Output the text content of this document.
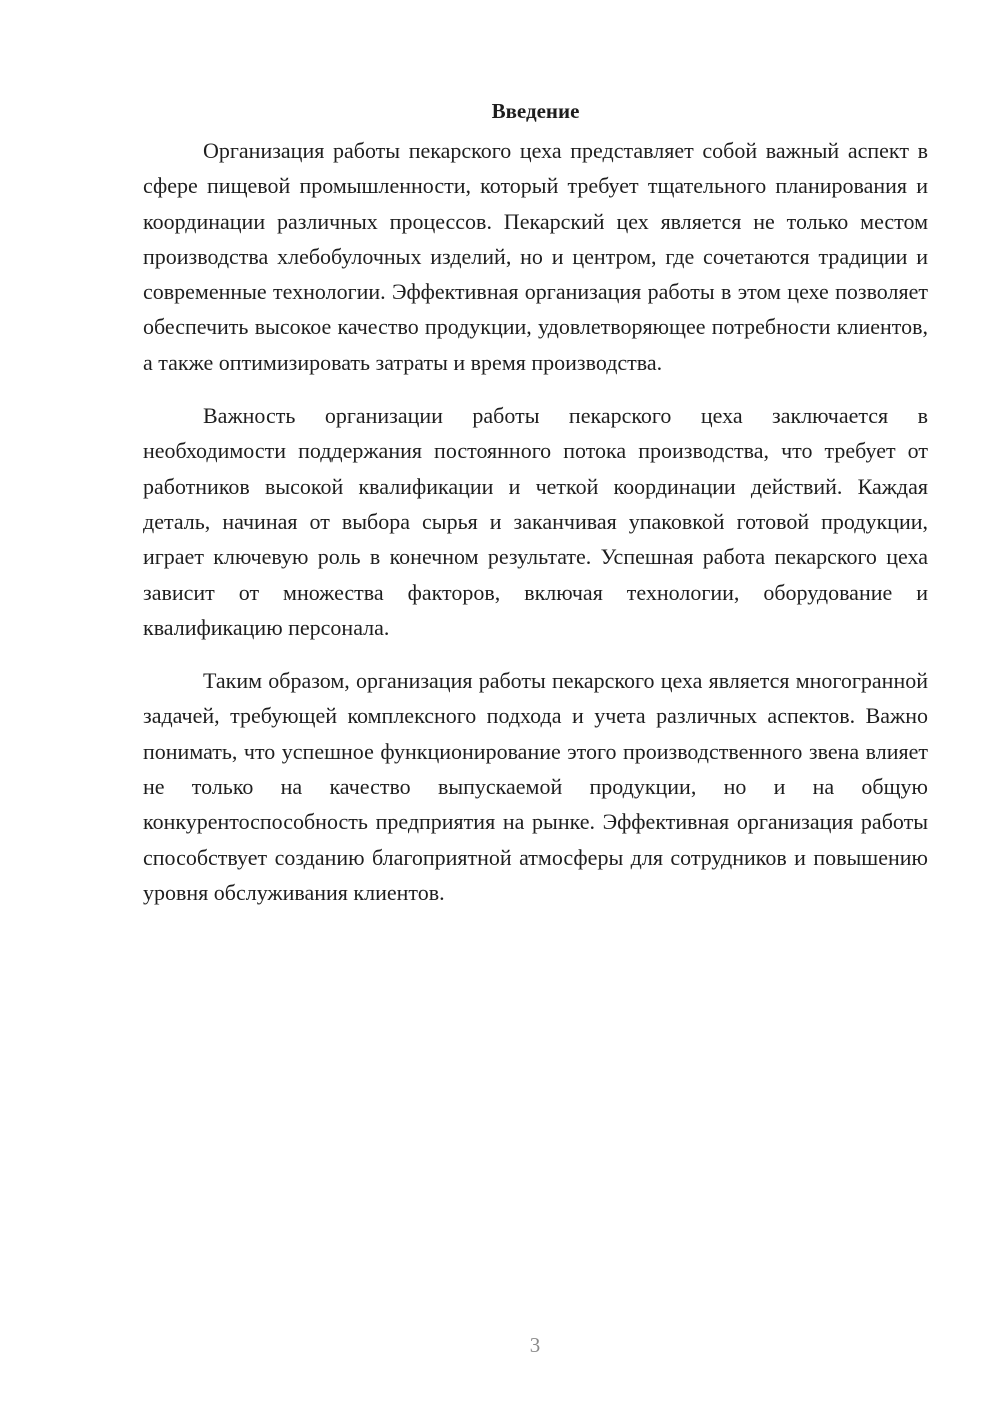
Введение

Организация работы пекарского цеха представляет собой важный аспект в сфере пищевой промышленности, который требует тщательного планирования и координации различных процессов. Пекарский цех является не только местом производства хлебобулочных изделий, но и центром, где сочетаются традиции и современные технологии. Эффективная организация работы в этом цехе позволяет обеспечить высокое качество продукции, удовлетворяющее потребности клиентов, а также оптимизировать затраты и время производства.

Важность организации работы пекарского цеха заключается в необходимости поддержания постоянного потока производства, что требует от работников высокой квалификации и четкой координации действий. Каждая деталь, начиная от выбора сырья и заканчивая упаковкой готовой продукции, играет ключевую роль в конечном результате. Успешная работа пекарского цеха зависит от множества факторов, включая технологии, оборудование и квалификацию персонала.

Таким образом, организация работы пекарского цеха является многогранной задачей, требующей комплексного подхода и учета различных аспектов. Важно понимать, что успешное функционирование этого производственного звена влияет не только на качество выпускаемой продукции, но и на общую конкурентоспособность предприятия на рынке. Эффективная организация работы способствует созданию благоприятной атмосферы для сотрудников и повышению уровня обслуживания клиентов.

3
